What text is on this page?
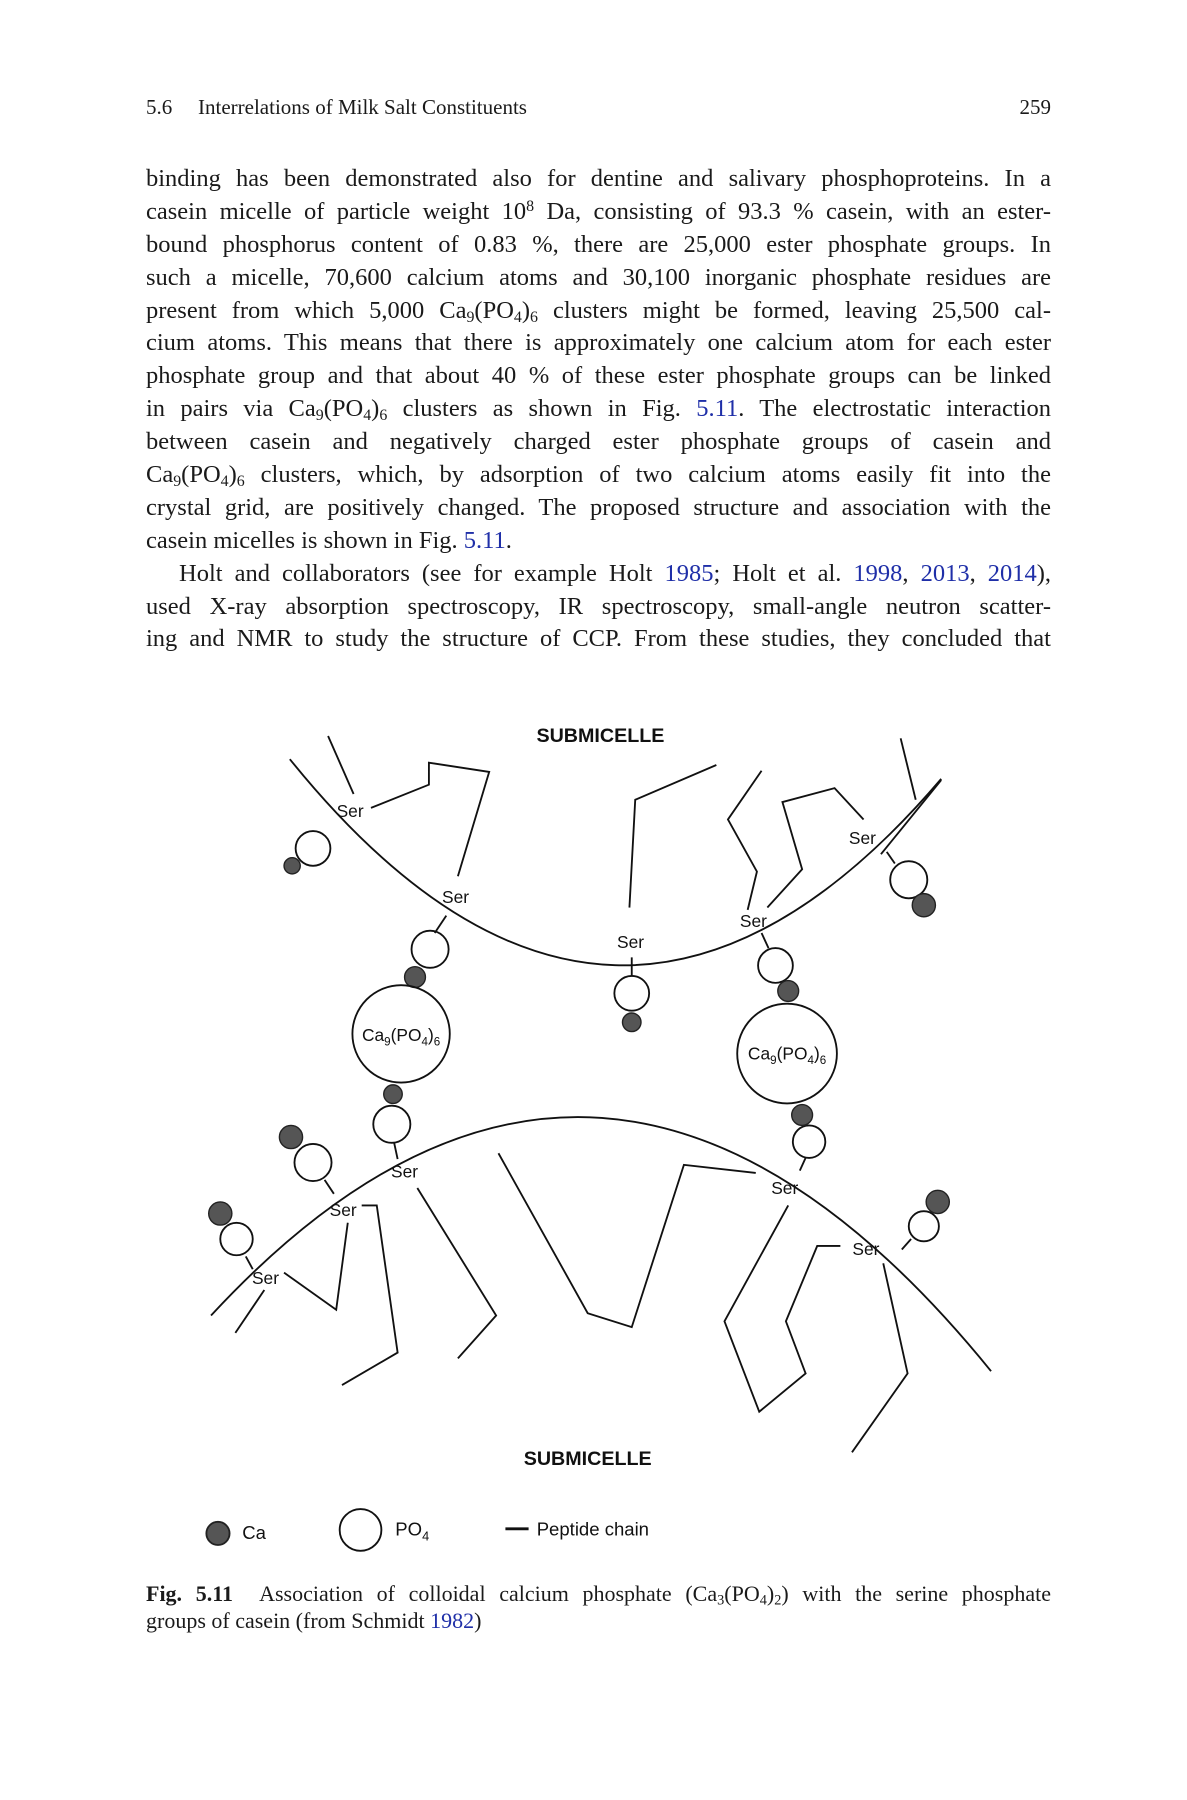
5.6 Interrelations of Milk Salt Constituents	259
binding has been demonstrated also for dentine and salivary phosphoproteins. In a
casein micelle of particle weight $10^8$ Da, consisting of 93.3 % casein, with an ester-
bound phosphorus content of 0.83 %, there are 25,000 ester phosphate groups. In
such a micelle, 70,600 calcium atoms and 30,100 inorganic phosphate residues are
present from which 5,000 $Ca_9(PO_4)_6$ clusters might be formed, leaving 25,500 cal-
cium atoms. This means that there is approximately one calcium atom for each ester
phosphate group and that about 40 % of these ester phosphate groups can be linked
in pairs via $Ca_9(PO_4)_6$ clusters as shown in Fig. 5.11. The electrostatic interaction
between casein and negatively charged ester phosphate groups of casein and
$Ca_9(PO_4)_6$ clusters, which, by adsorption of two calcium atoms easily fit into the
crystal grid, are positively changed. The proposed structure and association with the
casein micelles is shown in Fig. 5.11.
Holt and collaborators (see for example Holt 1985; Holt et al. 1998, 2013, 2014),
used X-ray absorption spectroscopy, IR spectroscopy, small-angle neutron scatter-
ing and NMR to study the structure of CCP. From these studies, they concluded that
SUBMICELLE
SUBMICELLE
$Ca_9(PO_4)_6$
$Ca_9(PO_4)_6$
Ser
Ser
Ser
Ser
Ser
Ser
Ser
Ser
Ser
Ser
Ca	$PO_4$	Peptide chain
Fig. 5.11 Association of colloidal calcium phosphate $(Ca_3(PO_4)_2)$ with the serine phosphate
groups of casein (from Schmidt 1982)
